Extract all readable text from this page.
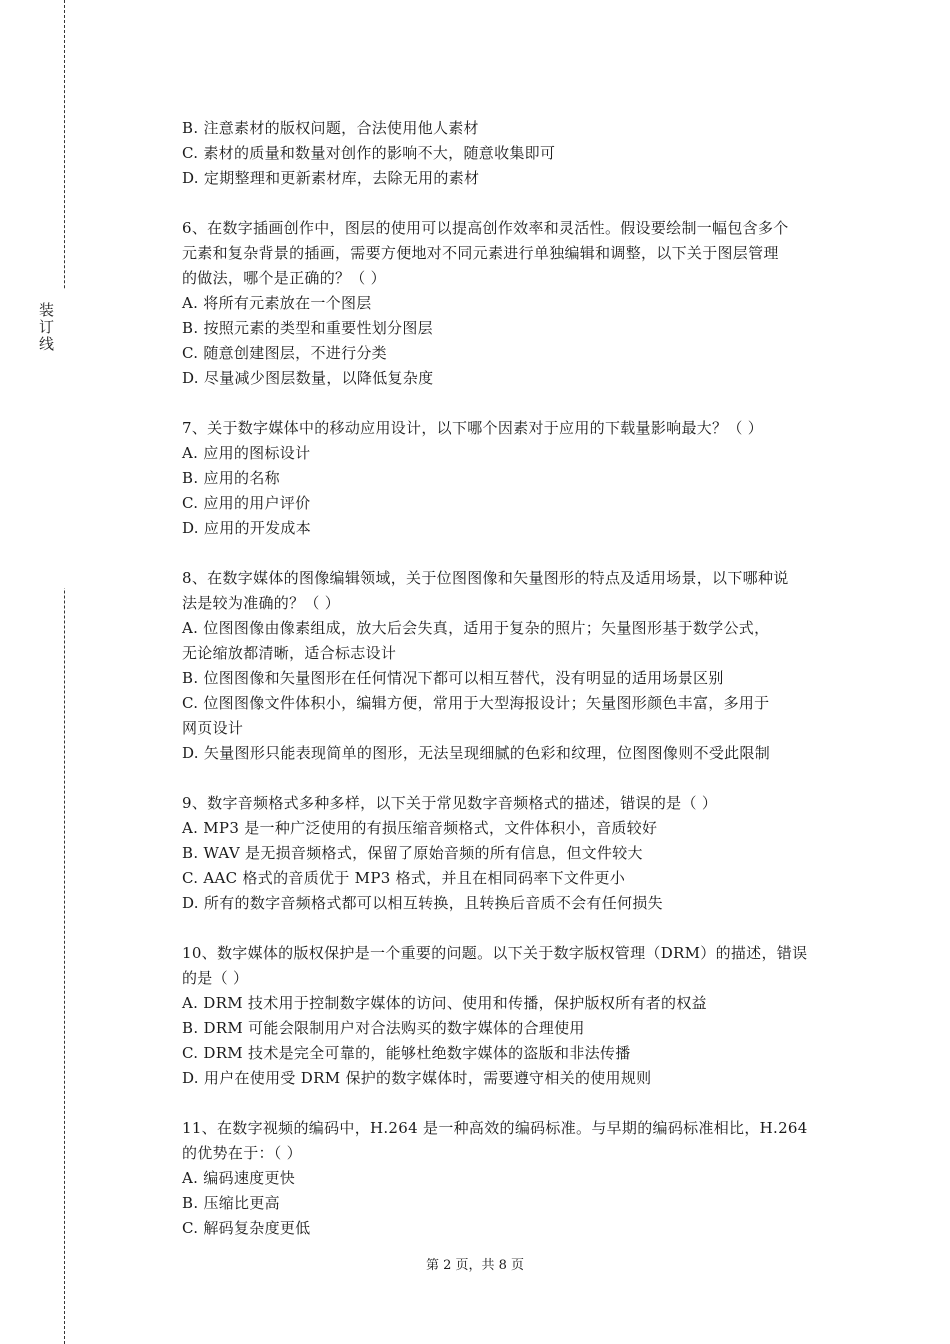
装订线
B. 注意素材的版权问题，合法使用他人素材
C. 素材的质量和数量对创作的影响不大，随意收集即可
D. 定期整理和更新素材库，去除无用的素材
6、在数字插画创作中，图层的使用可以提高创作效率和灵活性。假设要绘制一幅包含多个
元素和复杂背景的插画，需要方便地对不同元素进行单独编辑和调整，以下关于图层管理
的做法，哪个是正确的？（ ）
A. 将所有元素放在一个图层
B. 按照元素的类型和重要性划分图层
C. 随意创建图层，不进行分类
D. 尽量减少图层数量，以降低复杂度
7、关于数字媒体中的移动应用设计，以下哪个因素对于应用的下载量影响最大？（ ）
A. 应用的图标设计
B. 应用的名称
C. 应用的用户评价
D. 应用的开发成本
8、在数字媒体的图像编辑领域，关于位图图像和矢量图形的特点及适用场景，以下哪种说
法是较为准确的？（ ）
A. 位图图像由像素组成，放大后会失真，适用于复杂的照片；矢量图形基于数学公式，
无论缩放都清晰，适合标志设计
B. 位图图像和矢量图形在任何情况下都可以相互替代，没有明显的适用场景区别
C. 位图图像文件体积小，编辑方便，常用于大型海报设计；矢量图形颜色丰富，多用于
网页设计
D. 矢量图形只能表现简单的图形，无法呈现细腻的色彩和纹理，位图图像则不受此限制
9、数字音频格式多种多样，以下关于常见数字音频格式的描述，错误的是（ ）
A. MP3 是一种广泛使用的有损压缩音频格式，文件体积小，音质较好
B. WAV 是无损音频格式，保留了原始音频的所有信息，但文件较大
C. AAC 格式的音质优于 MP3 格式，并且在相同码率下文件更小
D. 所有的数字音频格式都可以相互转换，且转换后音质不会有任何损失
10、数字媒体的版权保护是一个重要的问题。以下关于数字版权管理（DRM）的描述，错误
的是（ ）
A. DRM 技术用于控制数字媒体的访问、使用和传播，保护版权所有者的权益
B. DRM 可能会限制用户对合法购买的数字媒体的合理使用
C. DRM 技术是完全可靠的，能够杜绝数字媒体的盗版和非法传播
D. 用户在使用受 DRM 保护的数字媒体时，需要遵守相关的使用规则
11、在数字视频的编码中，H.264 是一种高效的编码标准。与早期的编码标准相比，H.264
的优势在于：（ ）
A. 编码速度更快
B. 压缩比更高
C. 解码复杂度更低
第 2 页，共 8 页
